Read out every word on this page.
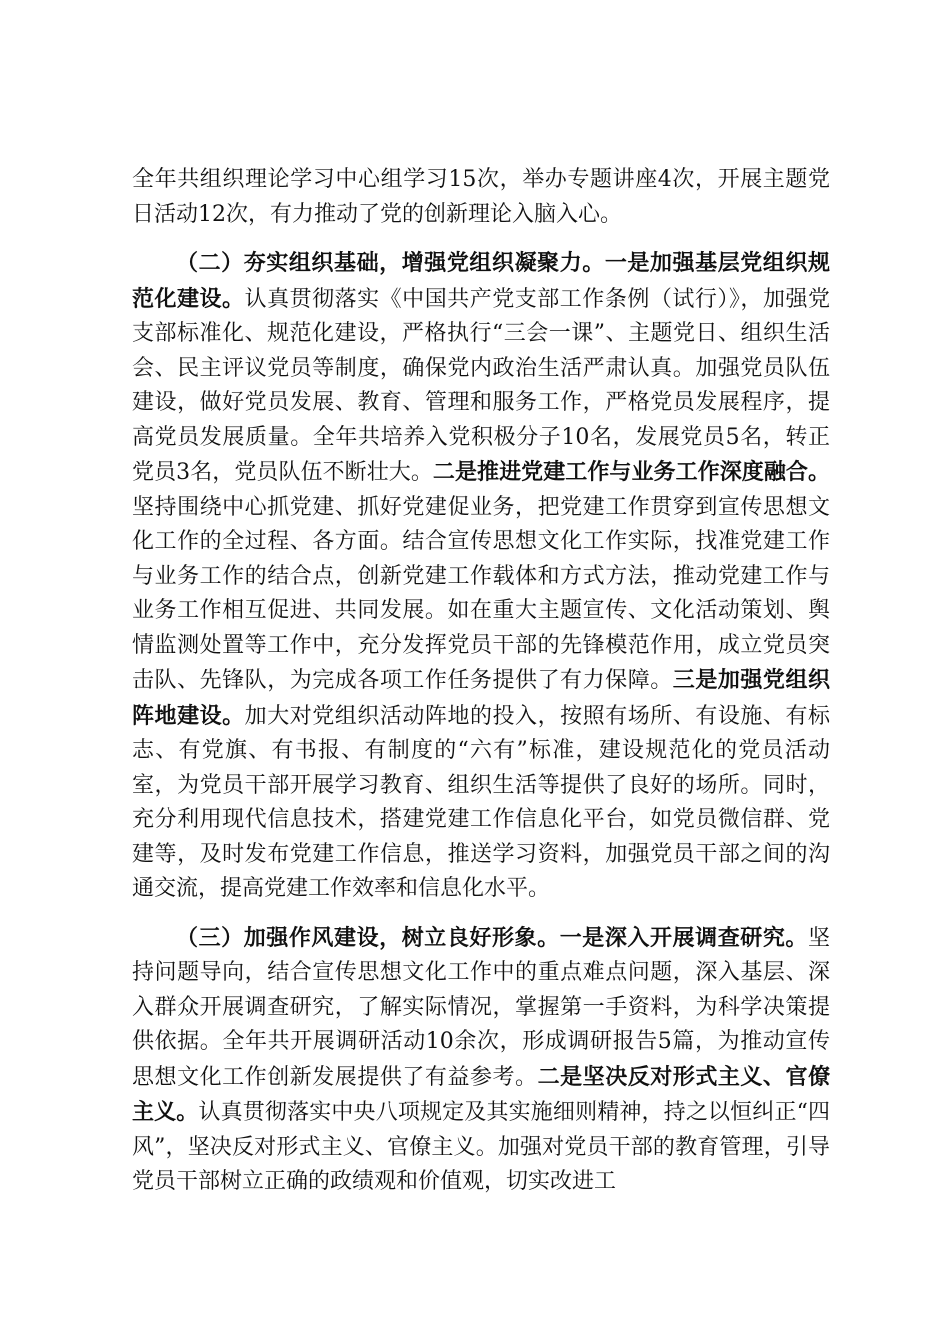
全年共组织理论学习中心组学习15次，举办专题讲座4次，开展主题党日活动12次，有力推动了党的创新理论入脑入心。

（二）夯实组织基础，增强党组织凝聚力。一是加强基层党组织规范化建设。认真贯彻落实《中国共产党支部工作条例（试行）》，加强党支部标准化、规范化建设，严格执行“三会一课”、主题党日、组织生活会、民主评议党员等制度，确保党内政治生活严肃认真。加强党员队伍建设，做好党员发展、教育、管理和服务工作，严格党员发展程序，提高党员发展质量。全年共培养入党积极分子10名，发展党员5名，转正党员3名，党员队伍不断壮大。二是推进党建工作与业务工作深度融合。坚持围绕中心抓党建、抓好党建促业务，把党建工作贯穿到宣传思想文化工作的全过程、各方面。结合宣传思想文化工作实际，找准党建工作与业务工作的结合点，创新党建工作载体和方式方法，推动党建工作与业务工作相互促进、共同发展。如在重大主题宣传、文化活动策划、舆情监测处置等工作中，充分发挥党员干部的先锋模范作用，成立党员突击队、先锋队，为完成各项工作任务提供了有力保障。三是加强党组织阵地建设。加大对党组织活动阵地的投入，按照有场所、有设施、有标志、有党旗、有书报、有制度的“六有”标准，建设规范化的党员活动室，为党员干部开展学习教育、组织生活等提供了良好的场所。同时，充分利用现代信息技术，搭建党建工作信息化平台，如党员微信群、党建等，及时发布党建工作信息，推送学习资料，加强党员干部之间的沟通交流，提高党建工作效率和信息化水平。

（三）加强作风建设，树立良好形象。一是深入开展调查研究。坚持问题导向，结合宣传思想文化工作中的重点难点问题，深入基层、深入群众开展调查研究，了解实际情况，掌握第一手资料，为科学决策提供依据。全年共开展调研活动10余次，形成调研报告5篇，为推动宣传思想文化工作创新发展提供了有益参考。二是坚决反对形式主义、官僚主义。认真贯彻落实中央八项规定及其实施细则精神，持之以恒纠正“四风”，坚决反对形式主义、官僚主义。加强对党员干部的教育管理，引导党员干部树立正确的政绩观和价值观，切实改进工
